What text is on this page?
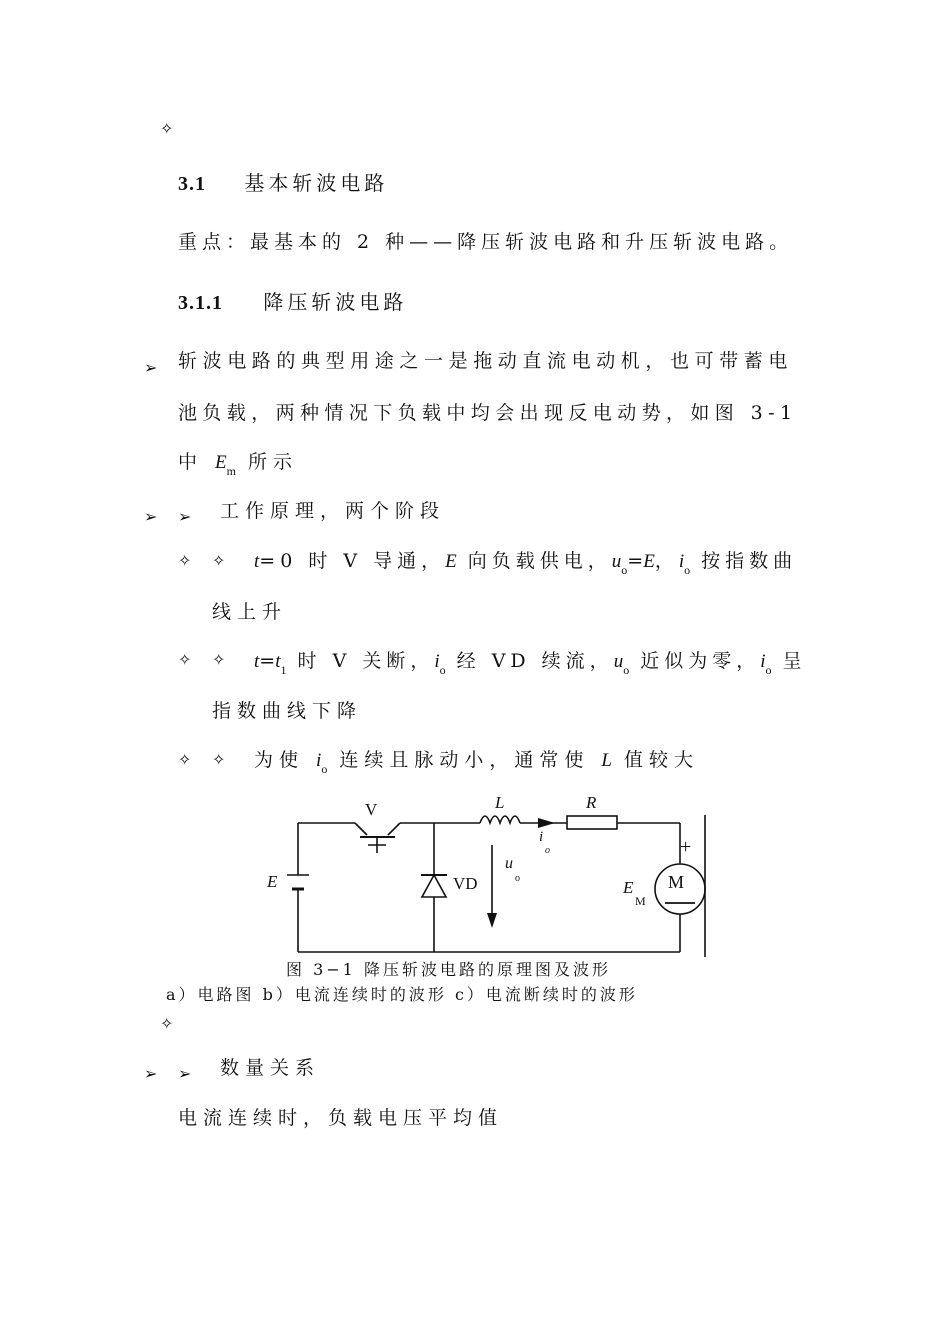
✧
3.1 基本斩波电路
重点：最基本的 2 种——降压斩波电路和升压斩波电路。
3.1.1 降压斩波电路
➢ 斩波电路的典型用途之一是拖动直流电动机，也可带蓄电
池负载，两种情况下负载中均会出现反电动势，如图 3-1
中 $E_m$ 所示
➢ ➢ 工作原理，两个阶段
✧ ✧ t=0 时 V 导通，E 向负载供电，$u_o=E$，$i_o$ 按指数曲
线上升
✧ ✧ $t=t_1$ 时 V 关断，$i_o$ 经 VD 续流，$u_o$ 近似为零，$i_o$ 呈
指数曲线下降
✧ ✧ 为使 $i_o$ 连续且脉动小，通常使 L 值较大
V	L	R
i
o
E	VD
u
o
+
E
M
M
图 3−1 降压斩波电路的原理图及波形
a）电路图 b）电流连续时的波形 c）电流断续时的波形
✧
➢ ➢ 数量关系
电流连续时，负载电压平均值
